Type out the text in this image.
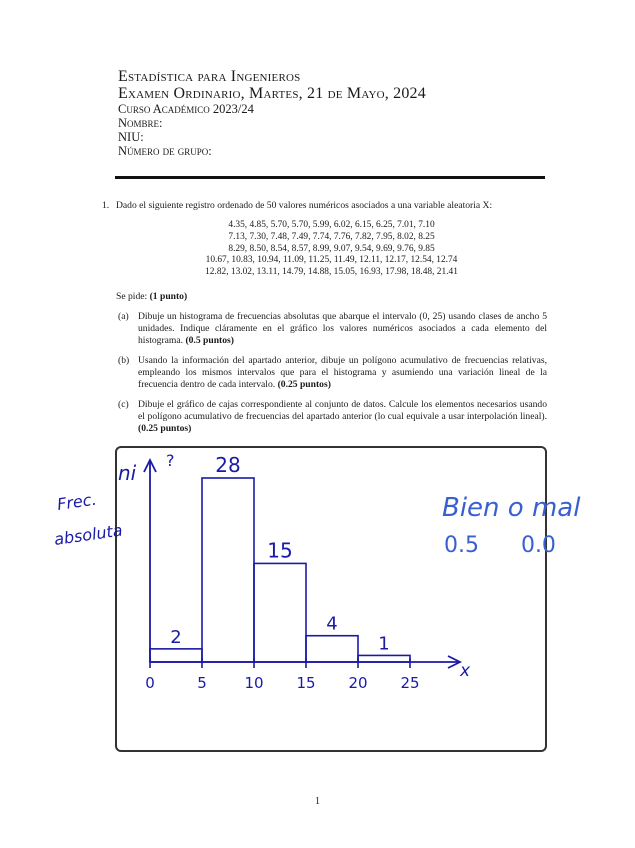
Estadística para Ingenieros
Examen Ordinario, Martes, 21 de Mayo, 2024
Curso Académico 2023/24
Nombre:
NIU:
Número de grupo:
1. Dado el siguiente registro ordenado de 50 valores numéricos asociados a una variable aleatoria X:
4.35, 4.85, 5.70, 5.70, 5.99, 6.02, 6.15, 6.25, 7.01, 7.10
7.13, 7.30, 7.48, 7.49, 7.74, 7.76, 7.82, 7.95, 8.02, 8.25
8.29, 8.50, 8.54, 8.57, 8.99, 9.07, 9.54, 9.69, 9.76, 9.85
10.67, 10.83, 10.94, 11.09, 11.25, 11.49, 12.11, 12.17, 12.54, 12.74
12.82, 13.02, 13.11, 14.79, 14.88, 15.05, 16.93, 17.98, 18.48, 21.41
Se pide: (1 punto)
(a) Dibuje un histograma de frecuencias absolutas que abarque el intervalo (0, 25) usando clases de ancho 5 unidades. Indique cláramente en el gráfico los valores numéricos asociados a cada elemento del histograma. (0.5 puntos)
(b) Usando la información del apartado anterior, dibuje un polígono acumulativo de frecuencias relativas, empleando los mismos intervalos que para el histograma y asumiendo una variación lineal de la frecuencia dentro de cada intervalo. (0.25 puntos)
(c) Dibuje el gráfico de cajas correspondiente al conjunto de datos. Calcule los elementos necesarios usando el polígono acumulativo de frecuencias del apartado anterior (lo cual equivale a usar interpolación lineal). (0.25 puntos)
0	5	10 15 20 25
2
28
15
4
1
ni
?
x
Frec.
absoluta
Bien o mal
0.5      0.0
1
